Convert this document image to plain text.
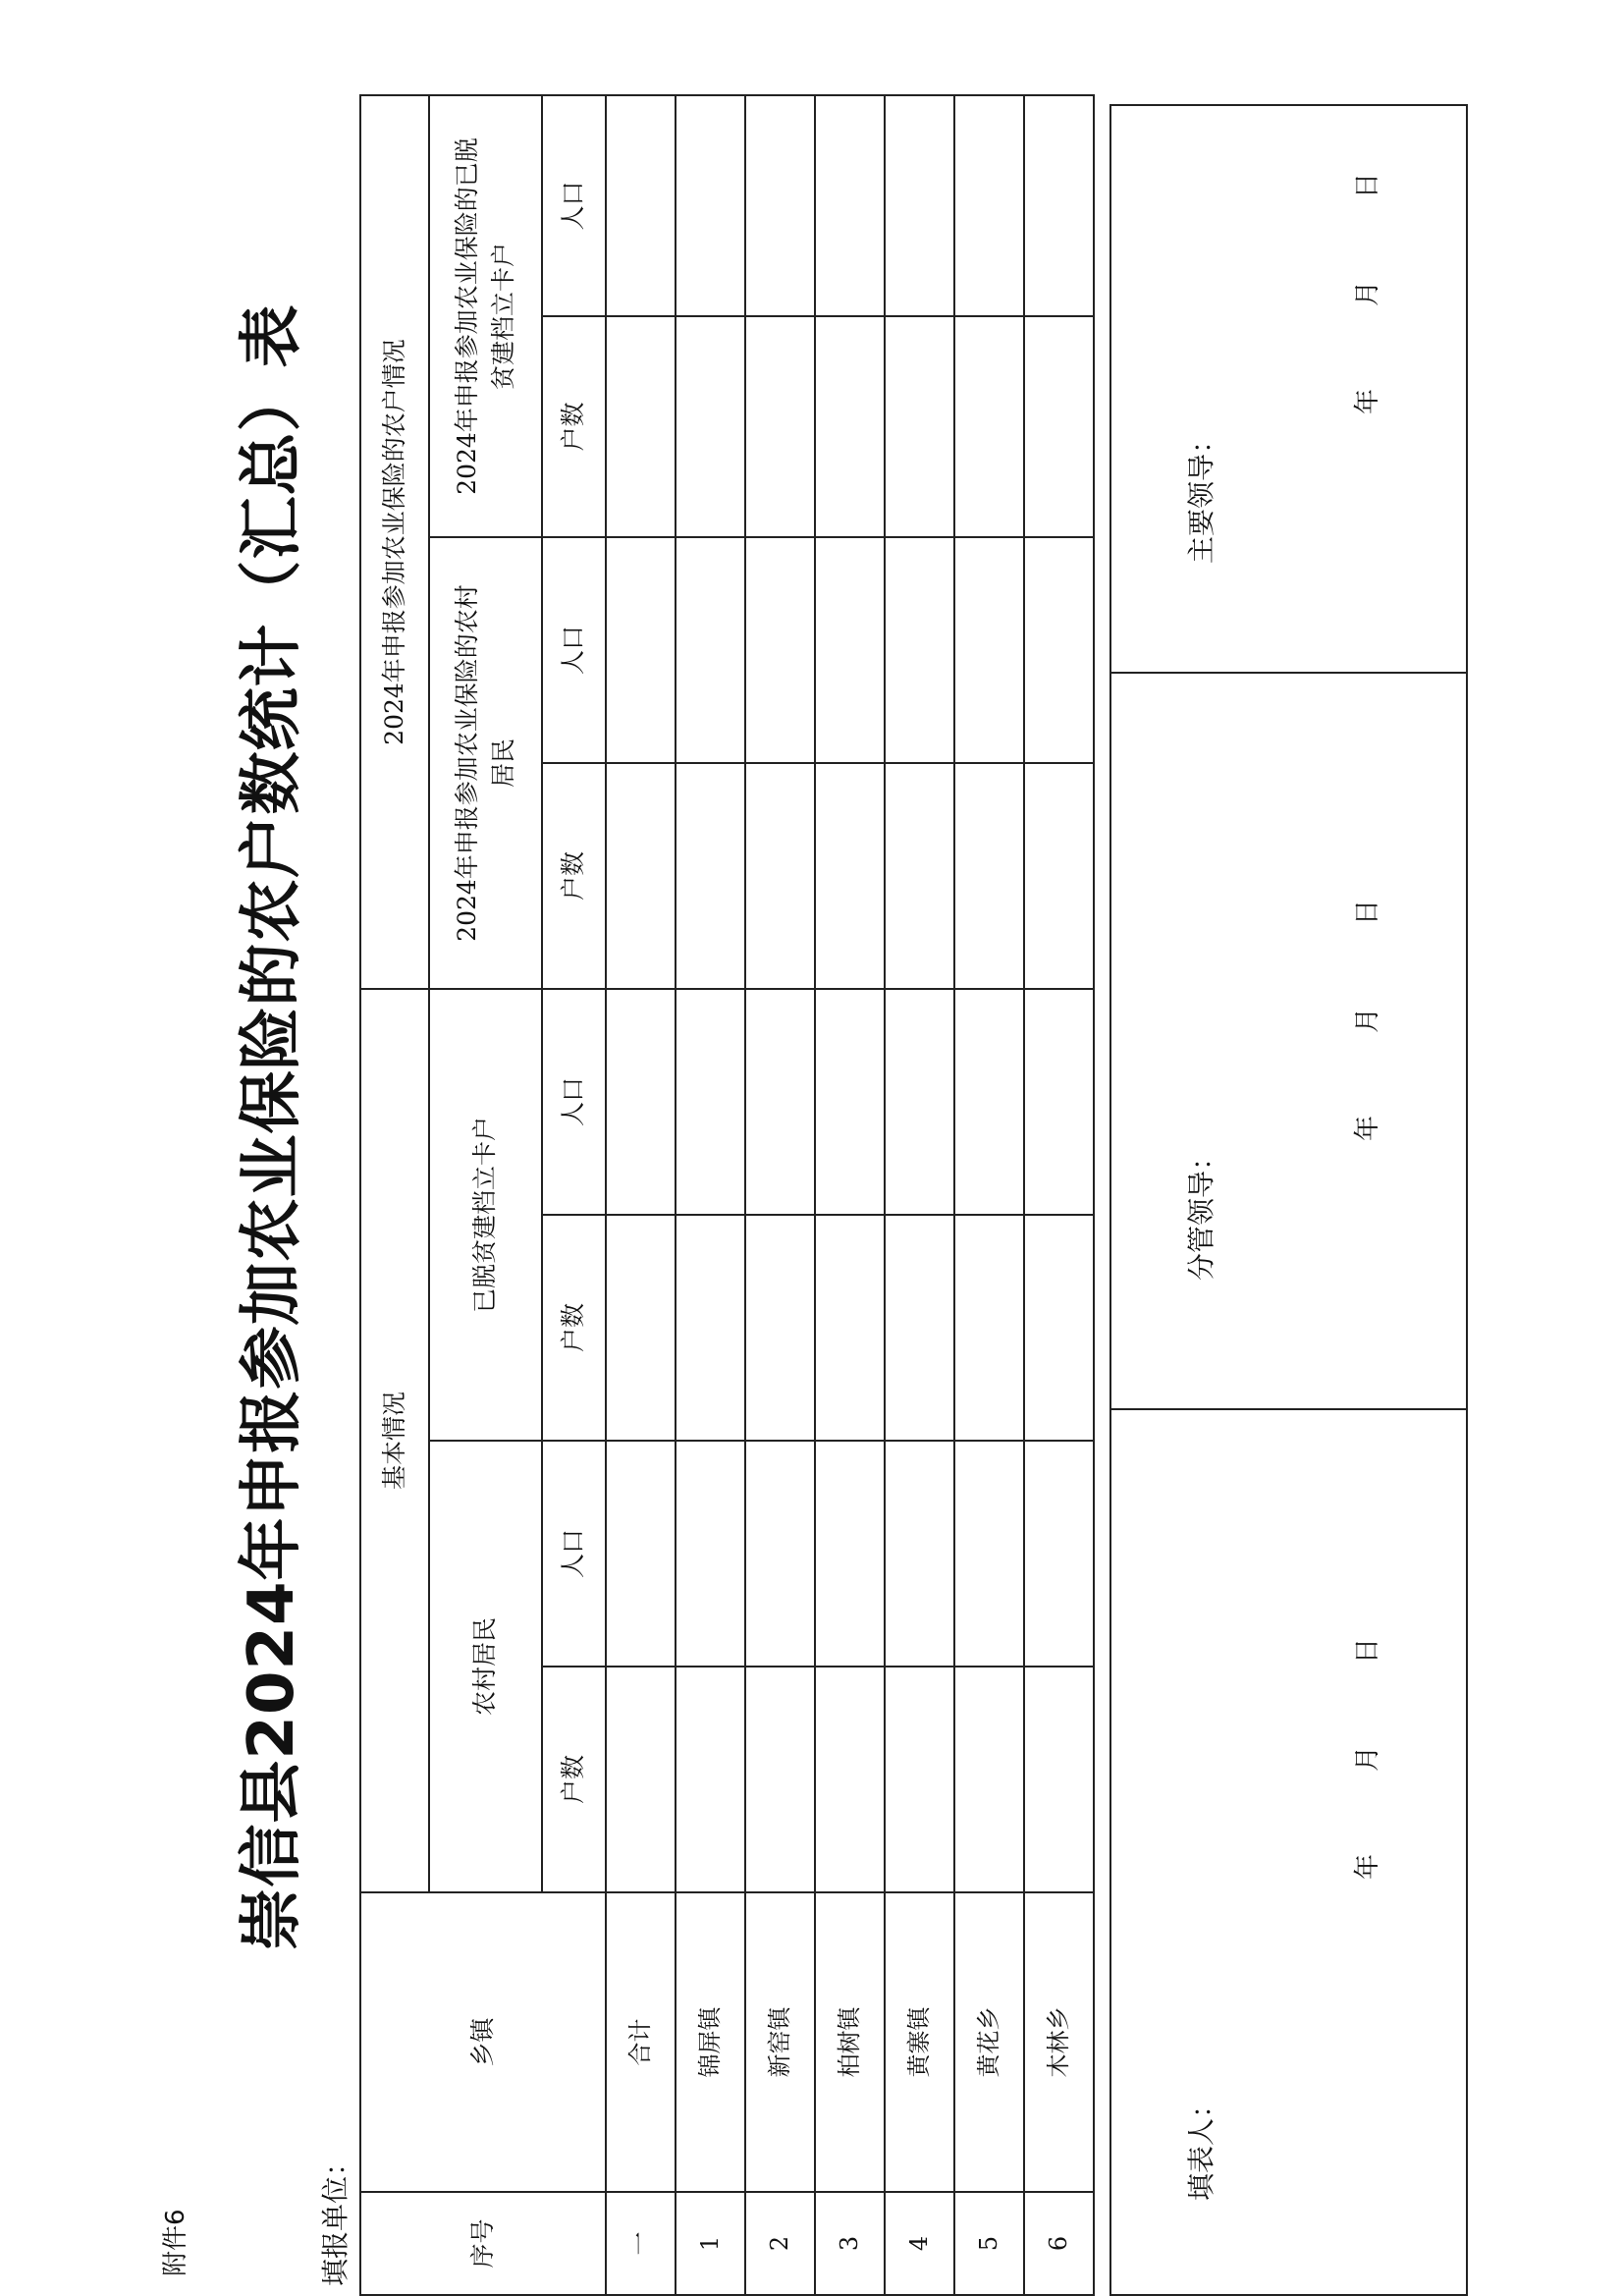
附件6
崇信县2024年申报参加农业保险的农户数统计（汇总）表
填报单位：	序号	乡镇	基本情况				2024年申报参加农业保险的农户情况			
		农村居民		已脱贫建档立卡户		2024年申报参加农业保险的农村居民		2024年申报参加农业保险的已脱贫建档立卡户	

		户数	人口	户数	人口	户数	人口	户数	人口
一	合计								
1	锦屏镇								
2	新窑镇								
3	柏树镇								
4	黄寨镇								
5	黄花乡								
6	木林乡								
填表人：
年月日
分管领导：
年月日
主要领导：
年月日
